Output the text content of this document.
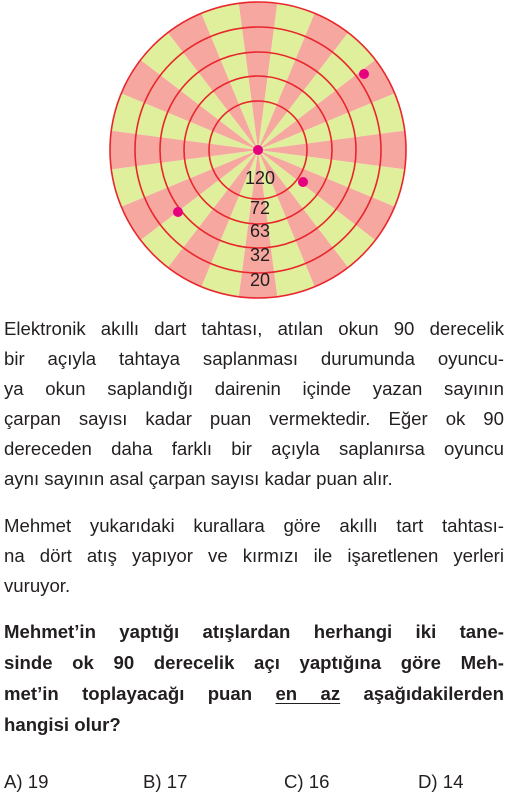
120
72
63
32
20

Elektronik akıllı dart tahtası, atılan okun 90 derecelik

bir açıyla tahtaya saplanması durumunda oyuncu-

ya okun saplandığı dairenin içinde yazan sayının

çarpan sayısı kadar puan vermektedir. Eğer ok 90

dereceden daha farklı bir açıyla saplanırsa oyuncu

aynı sayının asal çarpan sayısı kadar puan alır.

Mehmet yukarıdaki kurallara göre akıllı tart tahtası-

na dört atış yapıyor ve kırmızı ile işaretlenen yerleri

vuruyor.

Mehmet’in yaptığı atışlardan herhangi iki tane-

sinde ok 90 derecelik açı yaptığına göre Meh-

met’in toplayacağı puan en az aşağıdakilerden

hangisi olur?

A) 19	B) 17	C) 16	D) 14
